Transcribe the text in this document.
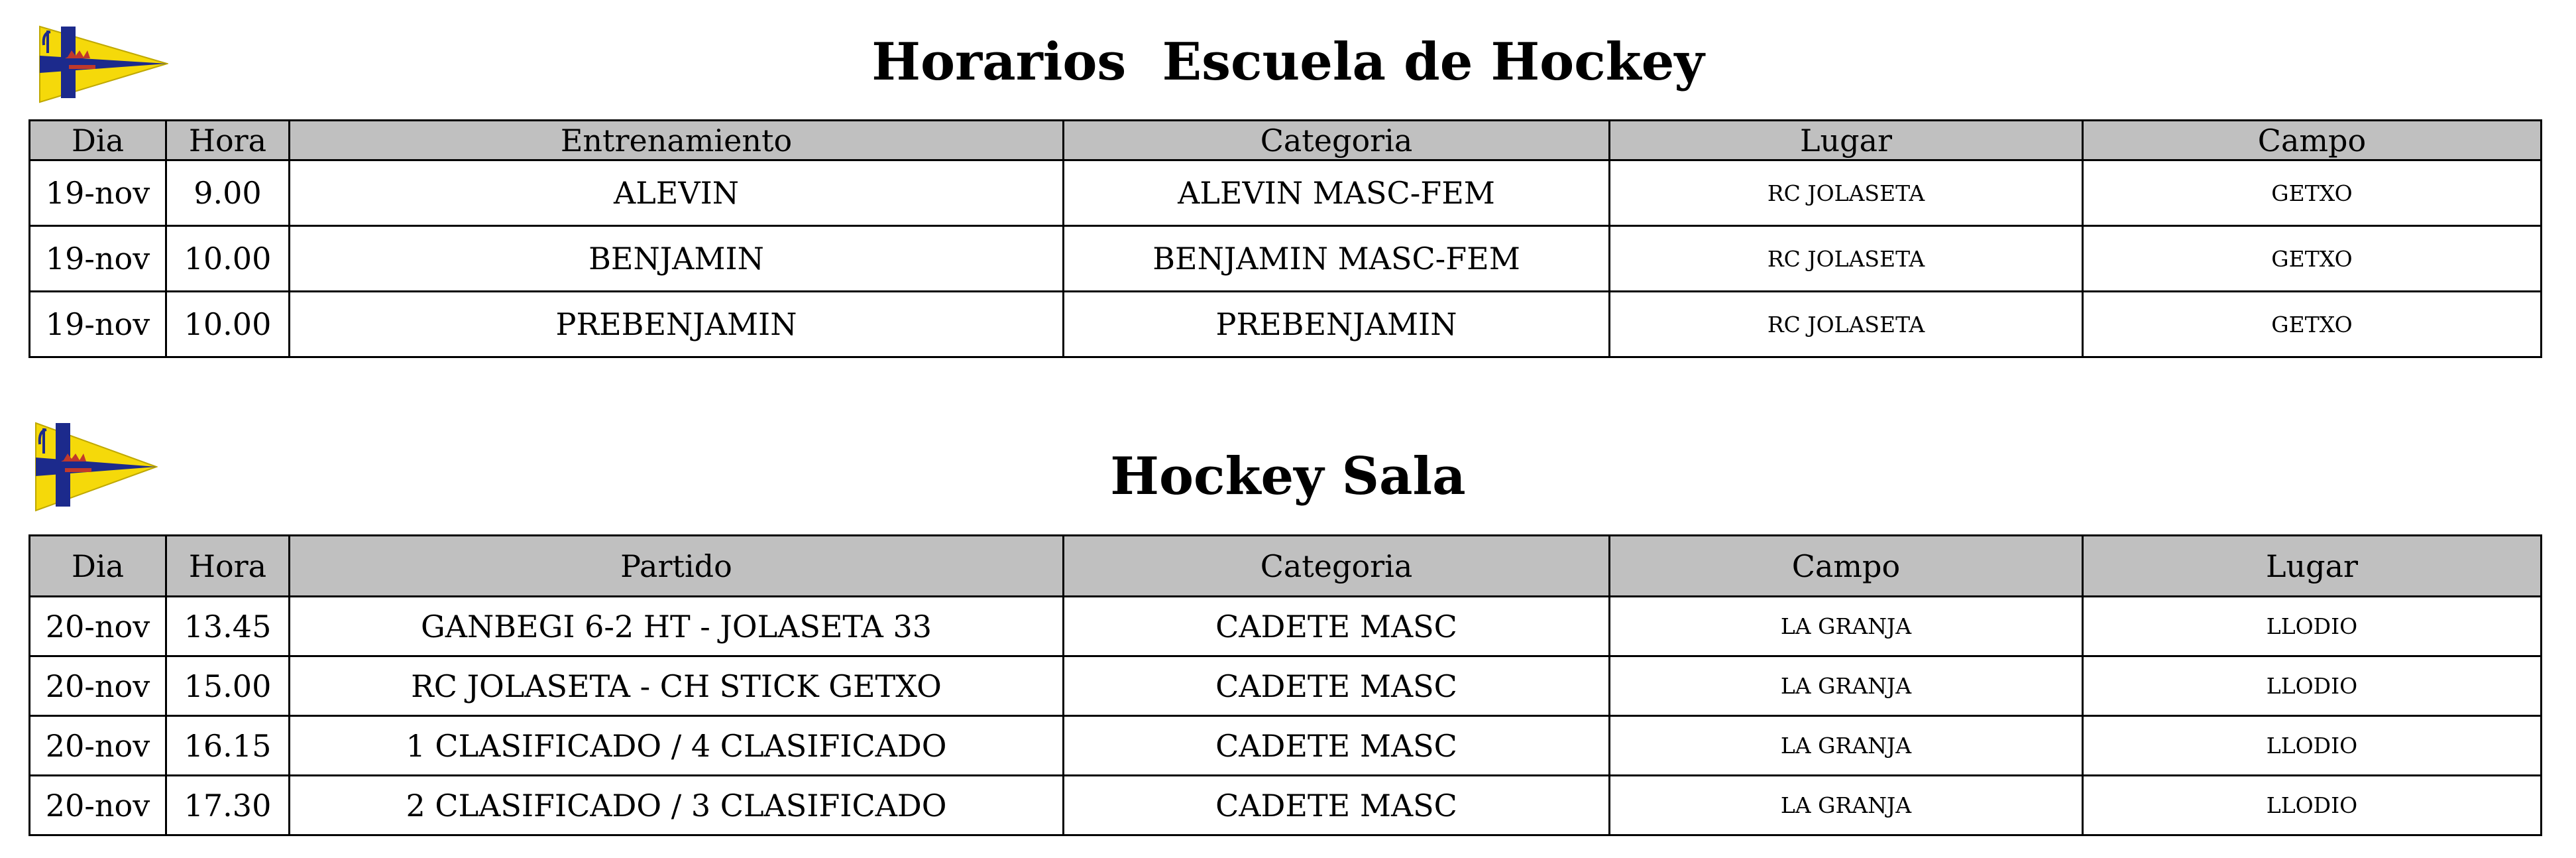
Horarios  Escuela de Hockey
Dia	Hora	Entrenamiento	Categoria	Lugar	Campo
19-nov	9.00	ALEVIN	ALEVIN MASC-FEM	RC JOLASETA	GETXO
19-nov	10.00	BENJAMIN	BENJAMIN MASC-FEM	RC JOLASETA	GETXO
19-nov	10.00	PREBENJAMIN	PREBENJAMIN	RC JOLASETA	GETXO
Hockey Sala
Dia	Hora	Partido	Categoria	Campo	Lugar
20-nov	13.45	GANBEGI 6-2 HT - JOLASETA 33	CADETE MASC	LA GRANJA	LLODIO
20-nov	15.00	RC JOLASETA - CH STICK GETXO	CADETE MASC	LA GRANJA	LLODIO
20-nov	16.15	1 CLASIFICADO / 4 CLASIFICADO	CADETE MASC	LA GRANJA	LLODIO
20-nov	17.30	2 CLASIFICADO / 3 CLASIFICADO	CADETE MASC	LA GRANJA	LLODIO
